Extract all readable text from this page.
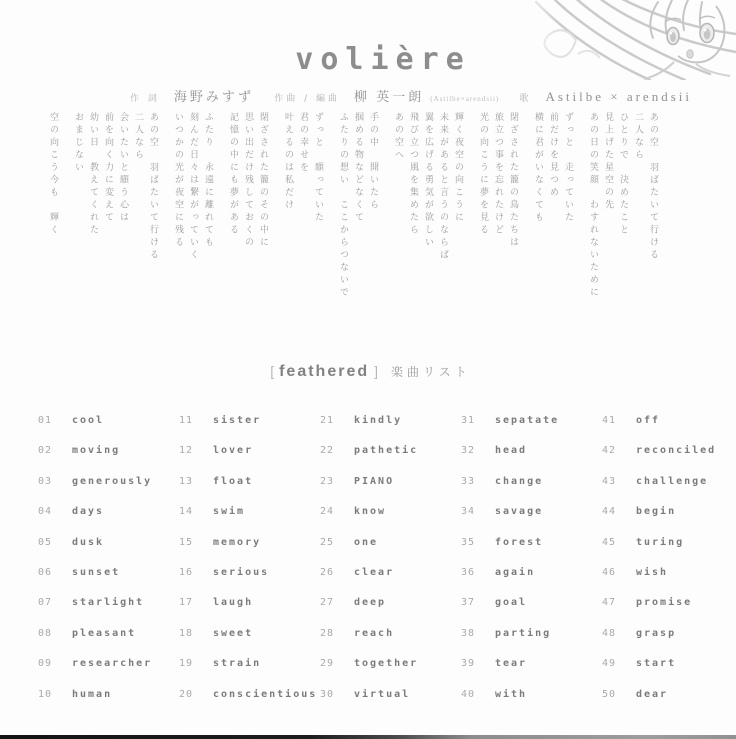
volière
作 詞 海野みすず 作曲 / 編曲 柳 英一朗 (Astilbe×arendsii) 歌 Astilbe × arendsii
あの空　羽ばたいて行ける
二人なら
ひとりで　決めたこと
見上げた星空の先
あの日の笑顔　わすれないために
ずっと　走っていた
前だけを見つめ
横に君がいなくても
閉ざされた籠の鳥たちは
旅立つ事を忘れたけど
光の向こうに夢を見る
輝く夜空の向こうに
未来があると言うのならば
翼を広げる勇気が欲しい
飛び立つ風を集めたら
あの空へ
手の中　開いたら
掴める物などなくて
ふたりの想い　ここからつないで
ずっと　願っていた
君の幸せを
叶えるのは私だけ
閉ざされた籠のその中に
思い出だけ残しておくの
記憶の中にも夢がある
ふたり　永遠に離れても
刻んだ日々は繋がっていく
いつかの光が夜空に残る
あの空　羽ばたいて行ける
二人なら
会いたいと願う心は
前を向く力に変えて
幼い日　教えてくれた
おまじない
空の向こう今も　輝く
[ feathered ] 楽曲リスト
01	cool
02	moving
03	generously
04	days
05	dusk
06	sunset
07	starlight
08	pleasant
09	researcher
10	human
11	sister
12	lover
13	float
14	swim
15	memory
16	serious
17	laugh
18	sweet
19	strain
20	conscientious
21	kindly
22	pathetic
23	PIANO
24	know
25	one
26	clear
27	deep
28	reach
29	together
30	virtual
31	sepatate
32	head
33	change
34	savage
35	forest
36	again
37	goal
38	parting
39	tear
40	with
41	off
42	reconciled
43	challenge
44	begin
45	turing
46	wish
47	promise
48	grasp
49	start
50	dear
